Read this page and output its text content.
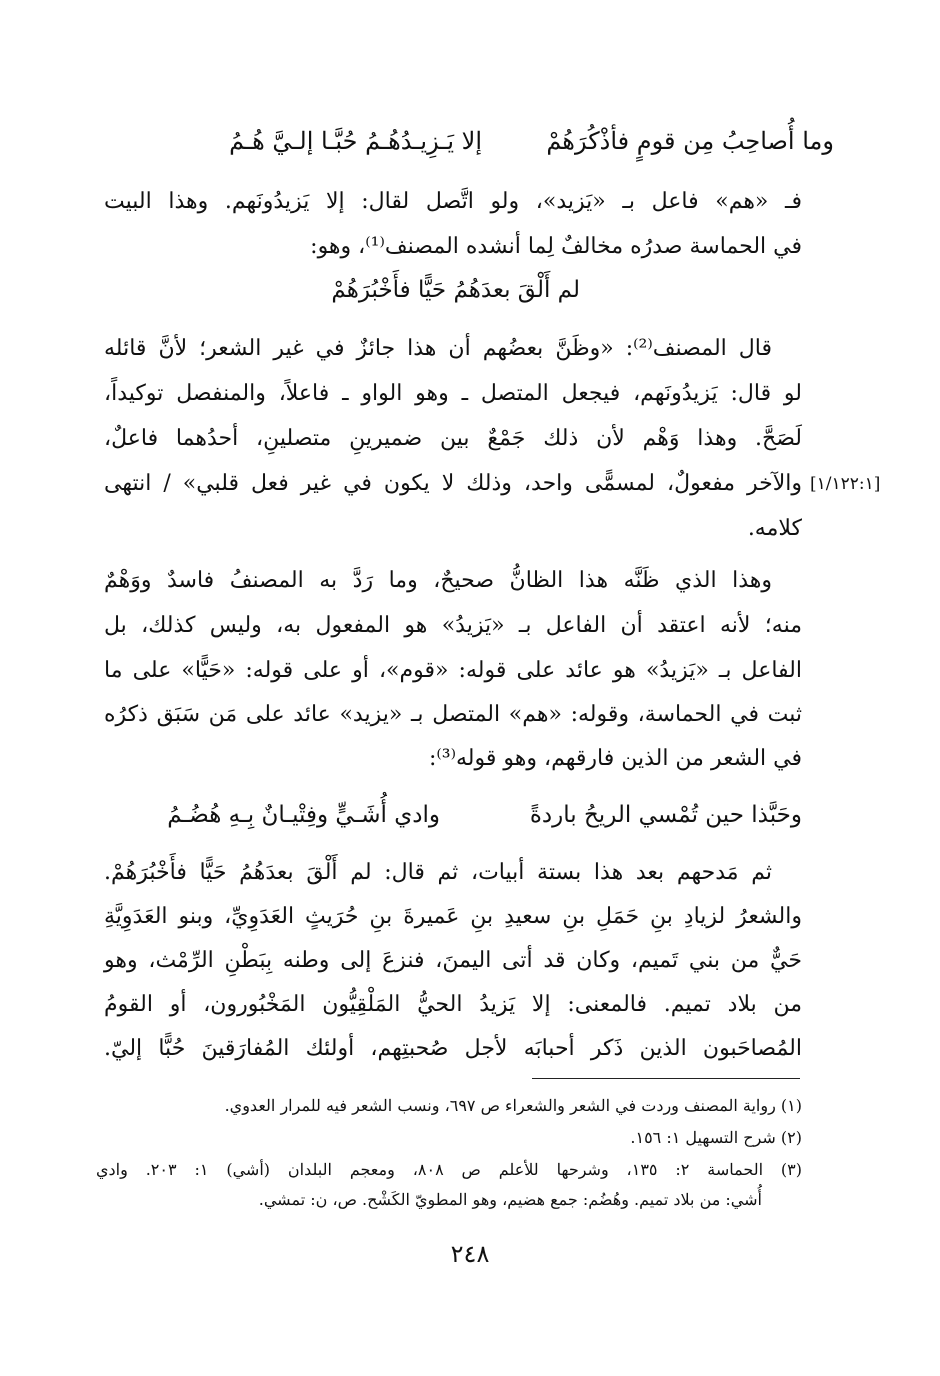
وما أُصاحِبُ مِن قومٍ فأذْكُرَهُمْ
إلا يَـزِيـدُهُـمُ حُبَّـا إلـيَّ هُـمُ
فـ «هم» فاعل بـ «يَزيد»، ولو اتَّصل لقال: إلا يَزيدُونَهم. وهذا البيت
في الحماسة صدرُه مخالفٌ لِما أنشده المصنف⁽¹⁾، وهو:
لم أَلْقَ بعدَهُمُ حَيًّا فأَخْبُرَهُمْ
قال المصنف⁽²⁾: «وظَنَّ بعضُهم أن هذا جائزٌ في غير الشعر؛ لأنَّ قائله
لو قال: يَزيدُونَهم، فيجعل المتصل ـ وهو الواو ـ فاعلاً، والمنفصل توكيداً،
لَصَحَّ. وهذا وَهْم لأن ذلك جَمْعٌ بين ضميرينِ متصلينِ، أحدُهما فاعلٌ،
والآخر مفعولٌ، لمسمًّى واحد، وذلك لا يكون في غير فعل قلبي» / انتهى
كلامه.
[١/١٢٢:١]
وهذا الذي ظَنَّه هذا الظانُّ صحيحٌ، وما رَدَّ به المصنفُ فاسدٌ ووَهْمٌ
منه؛ لأنه اعتقد أن الفاعل بـ «يَزيدُ» هو المفعول به، وليس كذلك، بل
الفاعل بـ «يَزيدُ» هو عائد على قوله: «قوم»، أو على قوله: «حَيًّا» على ما
ثبت في الحماسة، وقوله: «هم» المتصل بـ «يزيد» عائد على مَن سَبَق ذكرُه
في الشعر من الذين فارقهم، وهو قوله⁽³⁾:
وحَبَّذا حين تُمْسي الريحُ باردةً
وادي أُشَـيٍّ وفِتْيـانٌ بِـهِ هُضُـمُ
ثم مَدحهم بعد هذا بستة أبيات، ثم قال: لم أَلْقَ بعدَهُمُ حَيًّا فأَخْبُرَهُمْ.
والشعرُ لزيادِ بنِ حَمَلِ بنِ سعيدِ بنِ عَميرةَ بنِ حُرَيثٍ العَدَوِيِّ، وبنو العَدَوِيَّةِ
حَيٌّ من بني تَميم، وكان قد أتى اليمنَ، فنزعَ إلى وطنه بِبَطْنِ الرِّمْث، وهو
من بلاد تميم. فالمعنى: إلا يَزيدُ الحيُّ المَلْقِيُّون المَخْبُورون، أو القومُ
المُصاحَبون الذين ذَكر أحبابَه لأجل صُحبتِهم، أولئك المُفارَقينَ حُبًّا إليّ.
(١) رواية المصنف وردت في الشعر والشعراء ص ٦٩٧، ونسب الشعر فيه للمرار العدوي.
(٢) شرح التسهيل ١: ١٥٦.
(٣) الحماسة ٢: ١٣٥، وشرحها للأعلم ص ٨٠٨، ومعجم البلدان (أشي) ١: ٢٠٣. وادي
أُشي: من بلاد تميم. وهُضُم: جمع هضيم، وهو المطويّ الكَشْح. ص، ن: تمشي.
٢٤٨
